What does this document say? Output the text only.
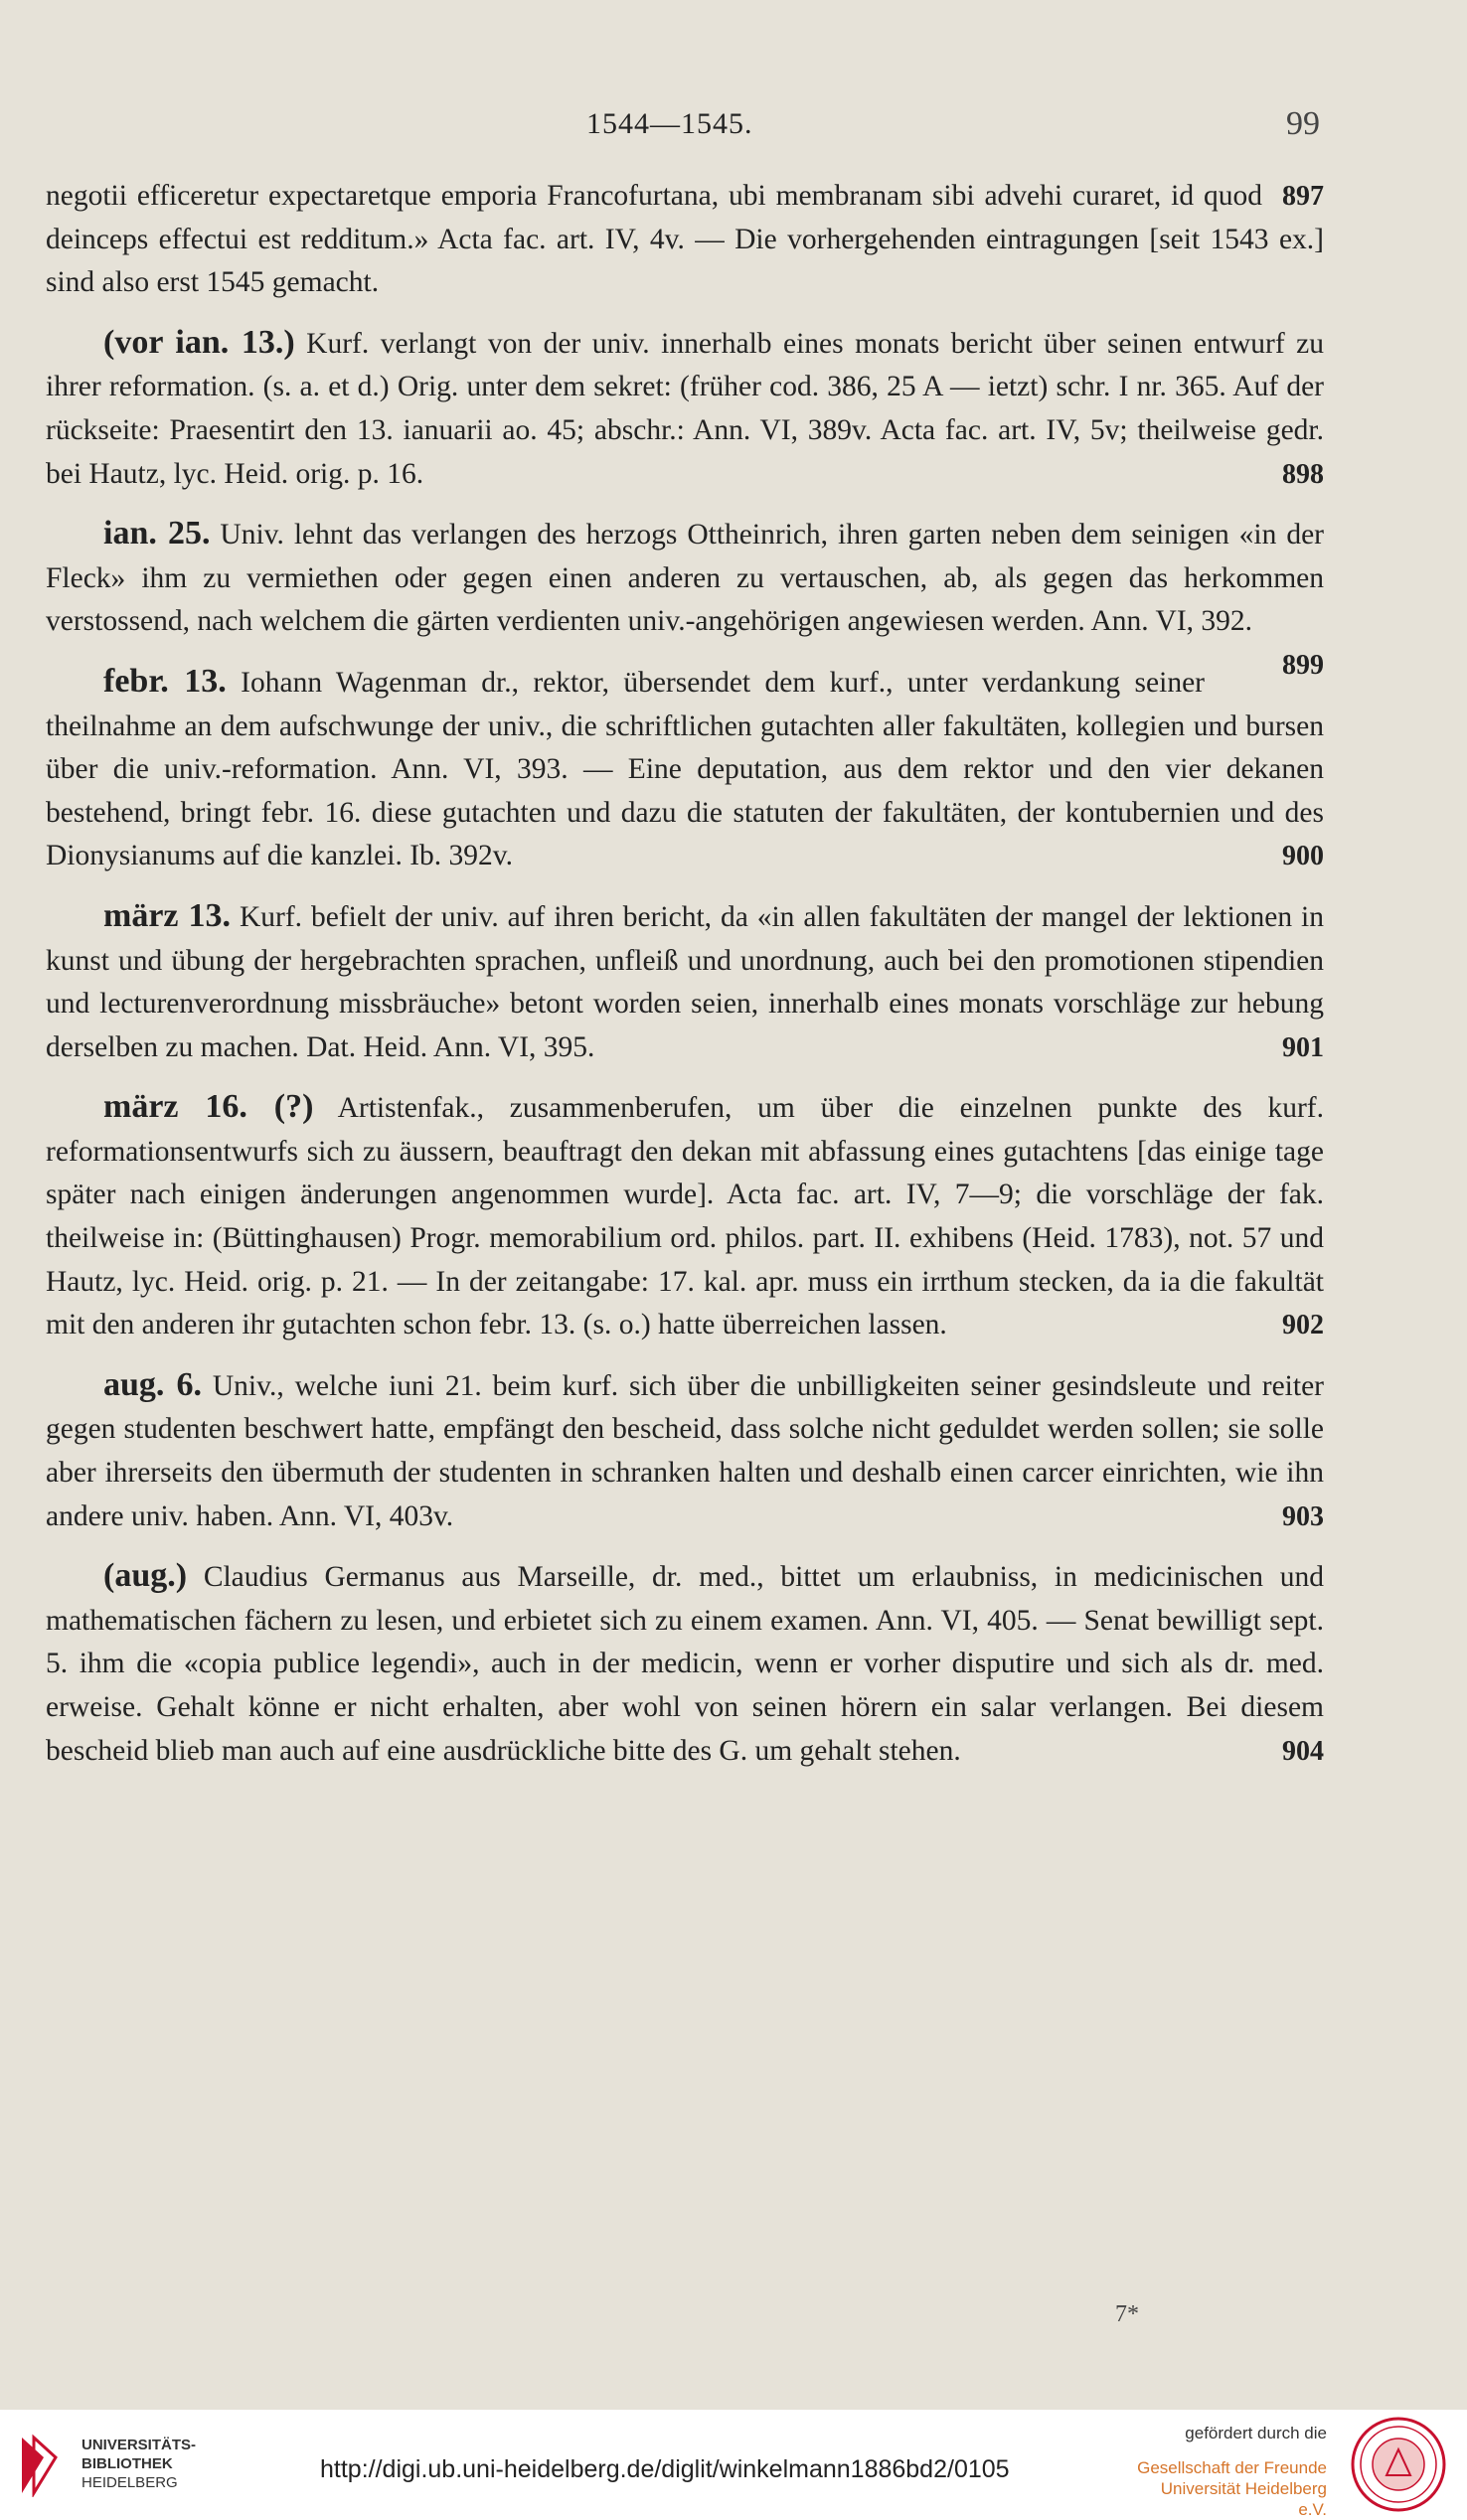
1544—1545.	99

897
negotii efficeretur expectaretque emporia Francofurtana, ubi membranam sibi advehi curaret, id quod deinceps effectui est redditum.» Acta fac. art. IV, 4v. — Die vorhergehenden eintragungen [seit 1543 ex.] sind also erst 1545 gemacht.

(vor ian. 13.) Kurf. verlangt von der univ. innerhalb eines monats bericht über seinen entwurf zu ihrer reformation. (s. a. et d.) Orig. unter dem sekret: (früher cod. 386, 25 A — ietzt) schr. I nr. 365. Auf der rückseite: Praesentirt den 13. ianuarii ao. 45; abschr.: Ann. VI, 389v. Acta fac. art. IV, 5v; theilweise gedr. bei Hautz, lyc. Heid. orig. p. 16.	898

ian. 25. Univ. lehnt das verlangen des herzogs Ottheinrich, ihren garten neben dem seinigen «in der Fleck» ihm zu vermiethen oder gegen einen anderen zu vertauschen, ab, als gegen das herkommen verstossend, nach welchem die gärten verdienten univ.-angehörigen angewiesen werden. Ann. VI, 392.
899

febr. 13. Iohann Wagenman dr., rektor, übersendet dem kurf., unter verdankung seiner theilnahme an dem aufschwunge der univ., die schriftlichen gutachten aller fakultäten, kollegien und bursen über die univ.-reformation. Ann. VI, 393. — Eine deputation, aus dem rektor und den vier dekanen bestehend, bringt febr. 16. diese gutachten und dazu die statuten der fakultäten, der kontubernien und des Dionysianums auf die kanzlei. Ib. 392v.	900

märz 13. Kurf. befielt der univ. auf ihren bericht, da «in allen fakultäten der mangel der lektionen in kunst und übung der hergebrachten sprachen, unfleiß und unordnung, auch bei den promotionen stipendien und lecturenverordnung missbräuche» betont worden seien, innerhalb eines monats vorschläge zur hebung derselben zu machen. Dat. Heid. Ann. VI, 395.	901

märz 16. (?) Artistenfak., zusammenberufen, um über die einzelnen punkte des kurf. reformationsentwurfs sich zu äussern, beauftragt den dekan mit abfassung eines gutachtens [das einige tage später nach einigen änderungen angenommen wurde]. Acta fac. art. IV, 7—9; die vorschläge der fak. theilweise in: (Büttinghausen) Progr. memorabilium ord. philos. part. II. exhibens (Heid. 1783), not. 57 und Hautz, lyc. Heid. orig. p. 21. — In der zeitangabe: 17. kal. apr. muss ein irrthum stecken, da ia die fakultät mit den anderen ihr gutachten schon febr. 13. (s. o.) hatte überreichen lassen.	902

aug. 6. Univ., welche iuni 21. beim kurf. sich über die unbilligkeiten seiner gesindsleute und reiter gegen studenten beschwert hatte, empfängt den bescheid, dass solche nicht geduldet werden sollen; sie solle aber ihrerseits den übermuth der studenten in schranken halten und deshalb einen carcer einrichten, wie ihn andere univ. haben. Ann. VI, 403v.	903

(aug.) Claudius Germanus aus Marseille, dr. med., bittet um erlaubniss, in medicinischen und mathematischen fächern zu lesen, und erbietet sich zu einem examen. Ann. VI, 405. — Senat bewilligt sept. 5. ihm die «copia publice legendi», auch in der medicin, wenn er vorher disputire und sich als dr. med. erweise. Gehalt könne er nicht erhalten, aber wohl von seinen hörern ein salar verlangen. Bei diesem bescheid blieb man auch auf eine ausdrückliche bitte des G. um gehalt stehen.	904

7*
UNIVERSITÄTS-
BIBLIOTHEK
HEIDELBERG	http://digi.ub.uni-heidelberg.de/diglit/winkelmann1886bd2/0105
gefördert durch die
Gesellschaft der Freunde
Universität Heidelberg e.V.
